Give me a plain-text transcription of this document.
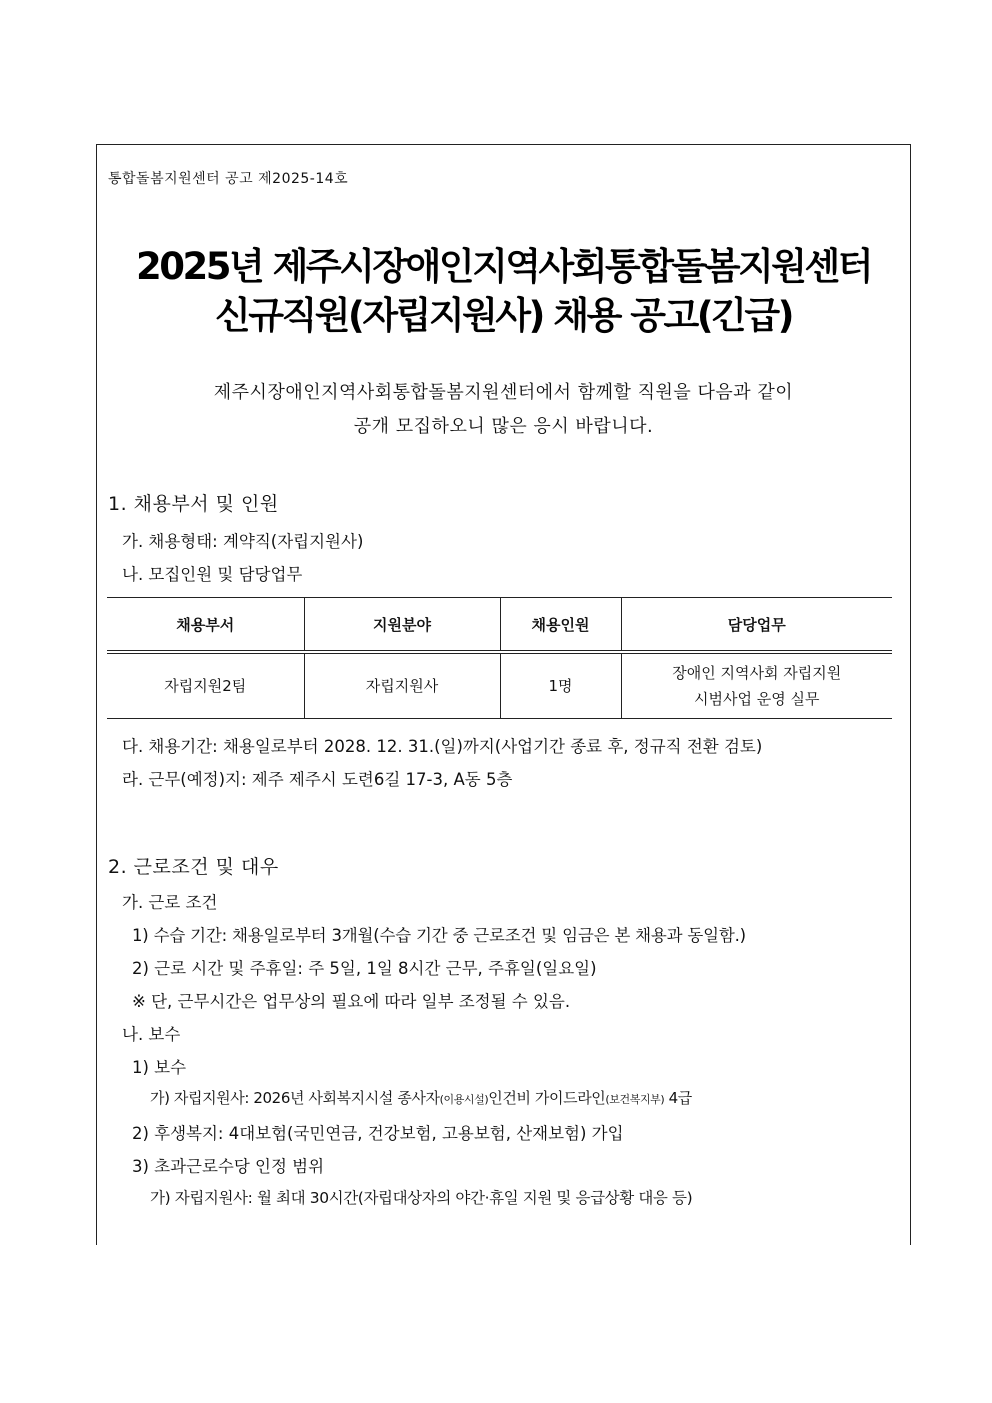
통합돌봄지원센터 공고 제2025-14호
2025년 제주시장애인지역사회통합돌봄지원센터
신규직원(자립지원사) 채용 공고(긴급)
제주시장애인지역사회통합돌봄지원센터에서 함께할 직원을 다음과 같이
공개 모집하오니 많은 응시 바랍니다.
1. 채용부서 및 인원
가. 채용형태: 계약직(자립지원사)
나. 모집인원 및 담당업무
채용부서	지원분야	채용인원	담당업무
자립지원2팀	자립지원사	1명	장애인 지역사회 자립지원
시범사업 운영 실무
다. 채용기간: 채용일로부터 2028. 12. 31.(일)까지(사업기간 종료 후, 정규직 전환 검토)
라. 근무(예정)지: 제주 제주시 도련6길 17-3, A동 5층
2. 근로조건 및 대우
가. 근로 조건
1) 수습 기간: 채용일로부터 3개월(수습 기간 중 근로조건 및 임금은 본 채용과 동일함.)
2) 근로 시간 및 주휴일: 주 5일, 1일 8시간 근무, 주휴일(일요일)
※ 단, 근무시간은 업무상의 필요에 따라 일부 조정될 수 있음.
나. 보수
1) 보수
가) 자립지원사: 2026년 사회복지시설 종사자(이용시설)인건비 가이드라인(보건복지부) 4급
2) 후생복지: 4대보험(국민연금, 건강보험, 고용보험, 산재보험) 가입
3) 초과근로수당 인정 범위
가) 자립지원사: 월 최대 30시간(자립대상자의 야간·휴일 지원 및 응급상황 대응 등)
